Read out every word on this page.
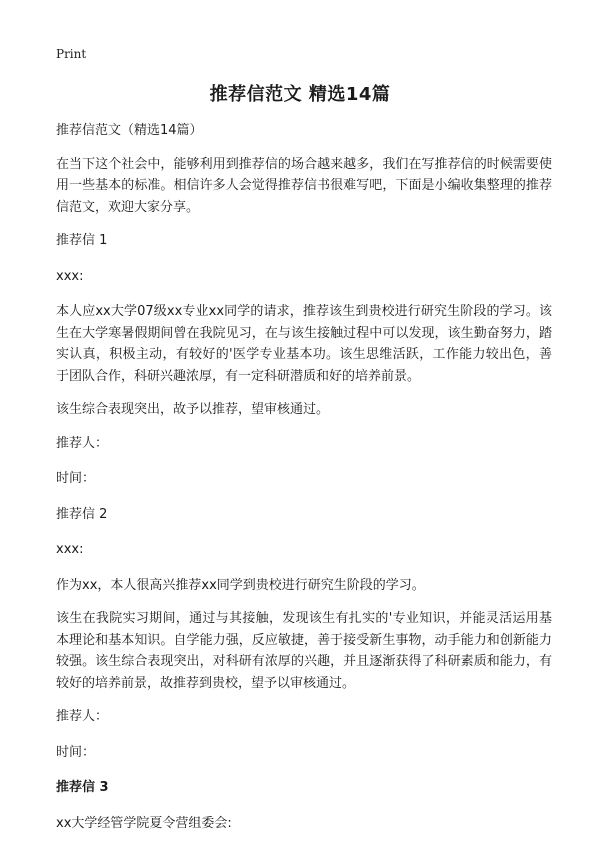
Print
推荐信范文 精选14篇

推荐信范文（精选14篇）

在当下这个社会中，能够利用到推荐信的场合越来越多，我们在写推荐信的时候需要使用一些基本的标准。相信许多人会觉得推荐信书很难写吧，下面是小编收集整理的推荐信范文，欢迎大家分享。

推荐信 1

xxx:

本人应xx大学07级xx专业xx同学的请求，推荐该生到贵校进行研究生阶段的学习。该生在大学寒暑假期间曾在我院见习，在与该生接触过程中可以发现，该生勤奋努力，踏实认真，积极主动，有较好的'医学专业基本功。该生思维活跃，工作能力较出色，善于团队合作，科研兴趣浓厚，有一定科研潜质和好的培养前景。

该生综合表现突出，故予以推荐，望审核通过。

推荐人：

时间：

推荐信 2

xxx:

作为xx，本人很高兴推荐xx同学到贵校进行研究生阶段的学习。

该生在我院实习期间，通过与其接触，发现该生有扎实的'专业知识，并能灵活运用基本理论和基本知识。自学能力强，反应敏捷，善于接受新生事物，动手能力和创新能力较强。该生综合表现突出，对科研有浓厚的兴趣，并且逐渐获得了科研素质和能力，有较好的培养前景，故推荐到贵校，望予以审核通过。

推荐人：

时间：

推荐信 3

xx大学经管学院夏令营组委会:
